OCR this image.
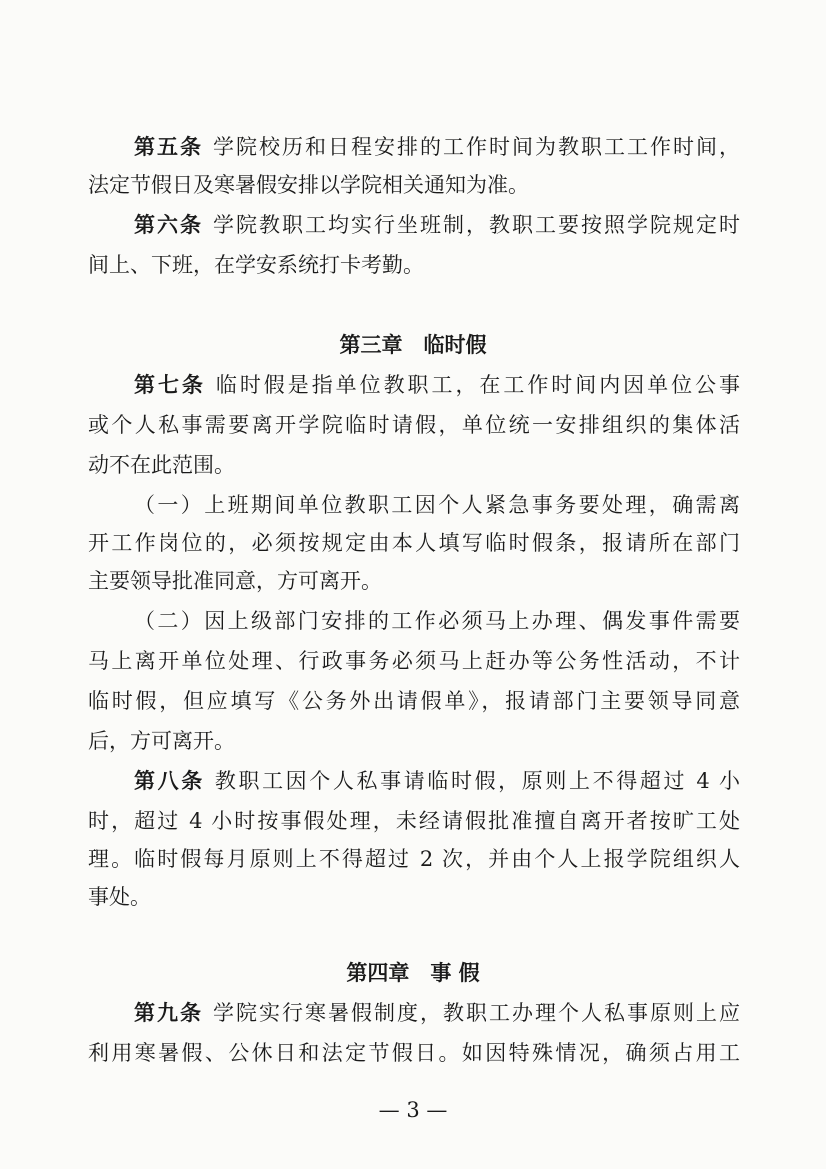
第五条 学院校历和日程安排的工作时间为教职工工作时间，
法定节假日及寒暑假安排以学院相关通知为准。
第六条 学院教职工均实行坐班制，教职工要按照学院规定时
间上、下班，在学安系统打卡考勤。
第三章　临时假
第七条 临时假是指单位教职工，在工作时间内因单位公事
或个人私事需要离开学院临时请假，单位统一安排组织的集体活
动不在此范围。
（一）上班期间单位教职工因个人紧急事务要处理，确需离
开工作岗位的，必须按规定由本人填写临时假条，报请所在部门
主要领导批准同意，方可离开。
（二）因上级部门安排的工作必须马上办理、偶发事件需要
马上离开单位处理、行政事务必须马上赶办等公务性活动，不计
临时假，但应填写《公务外出请假单》，报请部门主要领导同意
后，方可离开。
第八条 教职工因个人私事请临时假，原则上不得超过 4 小
时，超过 4 小时按事假处理，未经请假批准擅自离开者按旷工处
理。临时假每月原则上不得超过 2 次，并由个人上报学院组织人
事处。
第四章　事 假
第九条 学院实行寒暑假制度，教职工办理个人私事原则上应
利用寒暑假、公休日和法定节假日。如因特殊情况，确须占用工
— 3 —
